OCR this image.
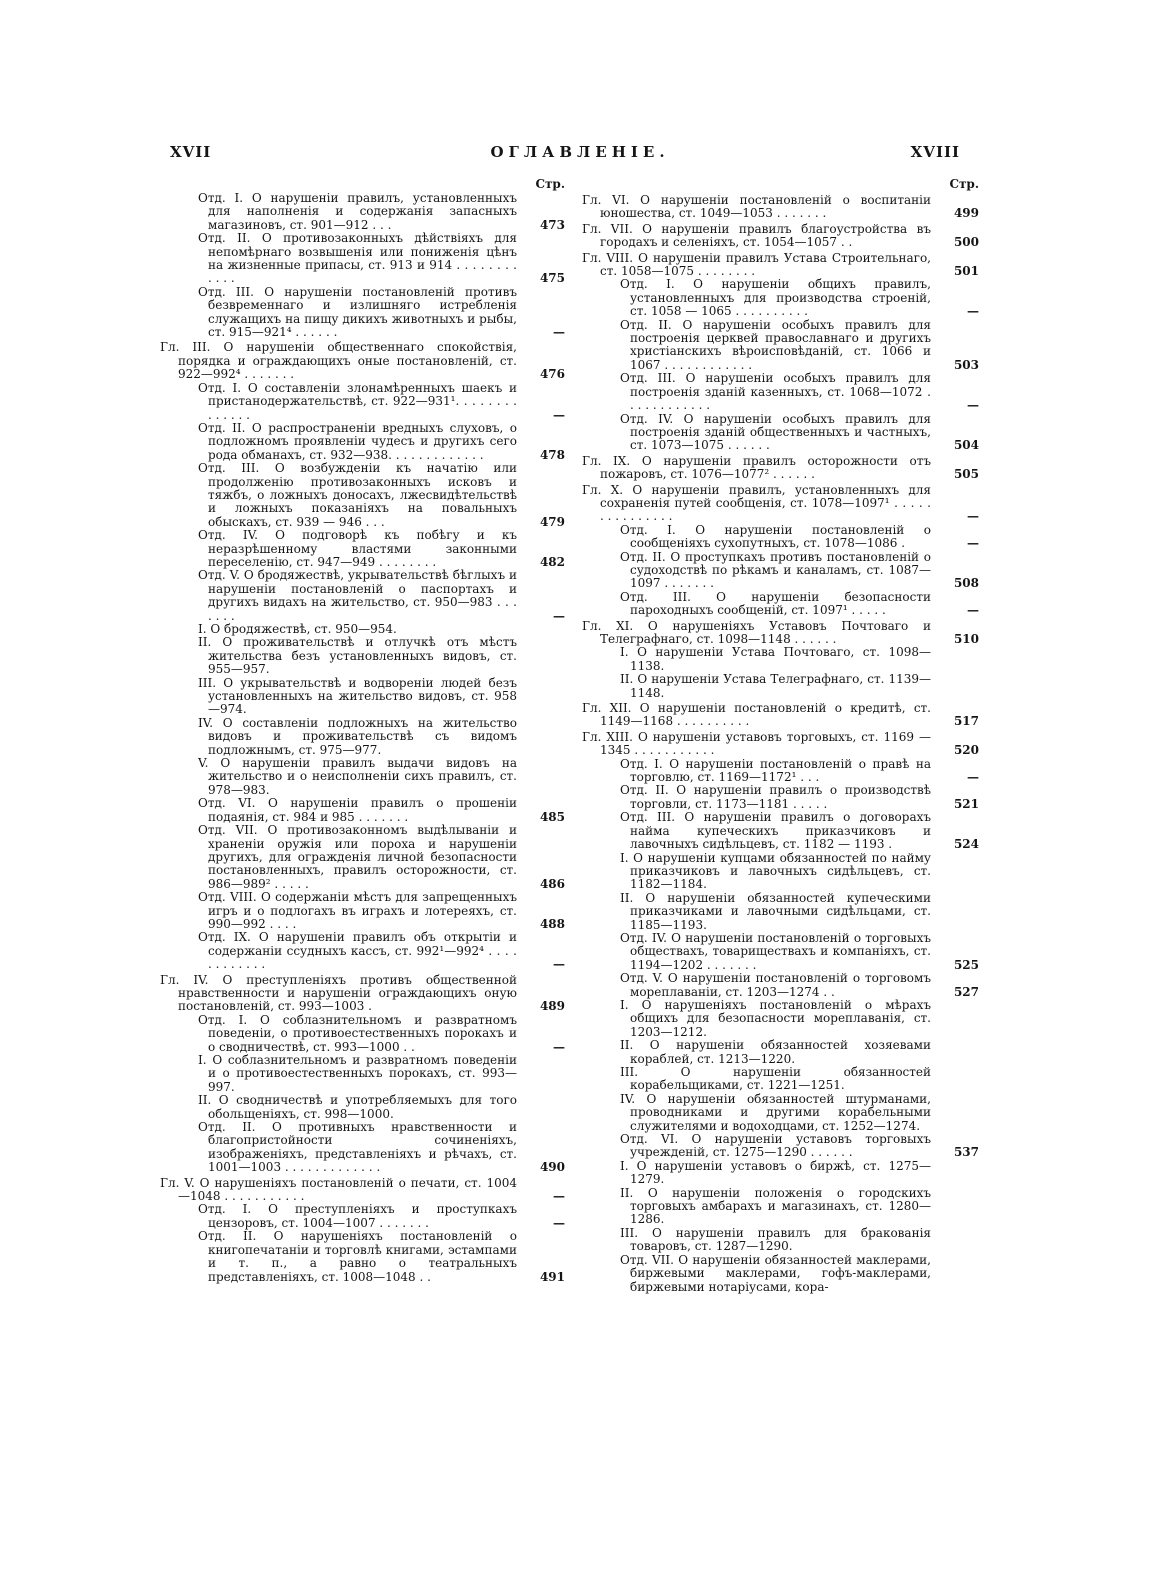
XVII	ОГЛАВЛЕНІЕ.	XVIII
Стр.
Отд. I. О нарушеніи правилъ, установленныхъ для наполненія и содержанія запасныхъ магазиновъ, ст. 901—912 . . .	473
Отд. II. О противозаконныхъ дѣйствіяхъ для непомѣрнаго возвышенія или пониженія цѣнъ на жизненные припасы, ст. 913 и 914 . . . . . . . . . . . .	475
Отд. III. О нарушеніи постановленій противъ безвременнаго и излишняго истребленія служащихъ на пищу дикихъ животныхъ и рыбы, ст. 915—921⁴ . . . . . .	—
Гл. III. О нарушеніи общественнаго спокойствія, порядка и ограждающихъ оные постановленій, ст. 922—992⁴ . . . . . . .	476
Отд. I. О составленіи злонамѣренныхъ шаекъ и пристанодержательствѣ, ст. 922—931¹. . . . . . . . . . . . . .	—
Отд. II. О распространеніи вредныхъ слуховъ, о подложномъ проявленіи чудесъ и другихъ сего рода обманахъ, ст. 932—938. . . . . . . . . . . . .	478
Отд. III. О возбужденіи къ начатію или продолженію противозаконныхъ исковъ и тяжбъ, о ложныхъ доносахъ, лжесвидѣтельствѣ и ложныхъ показаніяхъ на повальныхъ обыскахъ, ст. 939 — 946 . . .	479
Отд. IV. О подговорѣ къ побѣгу и къ неразрѣшенному властями законными переселенію, ст. 947—949 . . . . . . . .	482
Отд. V. О бродяжествѣ, укрывательствѣ бѣглыхъ и нарушеніи постановленій о паспортахъ и другихъ видахъ на жительство, ст. 950—983 . . . . . . .	—
I. О бродяжествѣ, ст. 950—954.
II. О проживательствѣ и отлучкѣ отъ мѣстъ жительства безъ установленныхъ видовъ, ст. 955—957.
III. О укрывательствѣ и водвореніи людей безъ установленныхъ на жительство видовъ, ст. 958—974.
IV. О составленіи подложныхъ на жительство видовъ и проживательствѣ съ видомъ подложнымъ, ст. 975—977.
V. О нарушеніи правилъ выдачи видовъ на жительство и о неисполненіи сихъ правилъ, ст. 978—983.
Отд. VI. О нарушеніи правилъ о прошеніи подаянія, ст. 984 и 985 . . . . . . .	485
Отд. VII. О противозаконномъ выдѣлываніи и храненіи оружія или пороха и нарушеніи другихъ, для огражденія личной безопасности постановленныхъ, правилъ осторожности, ст. 986—989² . . . . .	486
Отд. VIII. О содержаніи мѣстъ для запрещенныхъ игръ и о подлогахъ въ играхъ и лотереяхъ, ст. 990—992 . . . .	488
Отд. IX. О нарушеніи правилъ объ открытіи и содержаніи ссудныхъ кассъ, ст. 992¹—992⁴ . . . . . . . . . . . .	—
Гл. IV. О преступленіяхъ противъ общественной нравственности и нарушеніи ограждающихъ оную постановленій, ст. 993—1003 .	489
Отд. I. О соблазнительномъ и развратномъ поведеніи, о противоестественныхъ порокахъ и о сводничествѣ, ст. 993—1000 . .	—
I. О соблазнительномъ и развратномъ поведеніи и о противоестественныхъ порокахъ, ст. 993—997.
II. О сводничествѣ и употребляемыхъ для того обольщеніяхъ, ст. 998—1000.
Отд. II. О противныхъ нравственности и благопристойности сочиненіяхъ, изображеніяхъ, представленіяхъ и рѣчахъ, ст. 1001—1003 . . . . . . . . . . . . .	490
Гл. V. О нарушеніяхъ постановленій о печати, ст. 1004—1048 . . . . . . . . . . .	—
Отд. I. О преступленіяхъ и проступкахъ цензоровъ, ст. 1004—1007 . . . . . . .	—
Отд. II. О нарушеніяхъ постановленій о книгопечатаніи и торговлѣ книгами, эстампами и т. п., а равно о театральныхъ представленіяхъ, ст. 1008—1048 . .	491
Стр.
Гл. VI. О нарушеніи постановленій о воспитаніи юношества, ст. 1049—1053 . . . . . . .	499
Гл. VII. О нарушеніи правилъ благоустройства въ городахъ и селеніяхъ, ст. 1054—1057 . .	500
Гл. VIII. О нарушеніи правилъ Устава Строительнаго, ст. 1058—1075 . . . . . . . .	501
Отд. I. О нарушеніи общихъ правилъ, установленныхъ для производства строеній, ст. 1058 — 1065 . . . . . . . . . .	—
Отд. II. О нарушеніи особыхъ правилъ для построенія церквей православнаго и другихъ христіанскихъ вѣроисповѣданій, ст. 1066 и 1067 . . . . . . . . . . . .	503
Отд. III. О нарушеніи особыхъ правилъ для построенія зданій казенныхъ, ст. 1068—1072 . . . . . . . . . . . .	—
Отд. IV. О нарушеніи особыхъ правилъ для построенія зданій общественныхъ и частныхъ, ст. 1073—1075 . . . . . .	504
Гл. IX. О нарушеніи правилъ осторожности отъ пожаровъ, ст. 1076—1077² . . . . . .	505
Гл. X. О нарушеніи правилъ, установленныхъ для сохраненія путей сообщенія, ст. 1078—1097¹ . . . . . . . . . . . . . . .	—
Отд. I. О нарушеніи постановленій о сообщеніяхъ сухопутныхъ, ст. 1078—1086 .	—
Отд. II. О проступкахъ противъ постановленій о судоходствѣ по рѣкамъ и каналамъ, ст. 1087—1097 . . . . . . .	508
Отд. III. О нарушеніи безопасности пароходныхъ сообщеній, ст. 1097¹ . . . . .	—
Гл. XI. О нарушеніяхъ Уставовъ Почтоваго и Телеграфнаго, ст. 1098—1148 . . . . . .	510
I. О нарушеніи Устава Почтоваго, ст. 1098—1138.
II. О нарушеніи Устава Телеграфнаго, ст. 1139—1148.
Гл. XII. О нарушеніи постановленій о кредитѣ, ст. 1149—1168 . . . . . . . . . .	517
Гл. XIII. О нарушеніи уставовъ торговыхъ, ст. 1169 — 1345 . . . . . . . . . . .	520
Отд. I. О нарушеніи постановленій о правѣ на торговлю, ст. 1169—1172¹ . . .	—
Отд. II. О нарушеніи правилъ о производствѣ торговли, ст. 1173—1181 . . . . .	521
Отд. III. О нарушеніи правилъ о договорахъ найма купеческихъ приказчиковъ и лавочныхъ сидѣльцевъ, ст. 1182 — 1193 .	524
I. О нарушеніи купцами обязанностей по найму приказчиковъ и лавочныхъ сидѣльцевъ, ст. 1182—1184.
II. О нарушеніи обязанностей купеческими приказчиками и лавочными сидѣльцами, ст. 1185—1193.
Отд. IV. О нарушеніи постановленій о торговыхъ обществахъ, товариществахъ и компаніяхъ, ст. 1194—1202 . . . . . . .	525
Отд. V. О нарушеніи постановленій о торговомъ мореплаваніи, ст. 1203—1274 . .	527
I. О нарушеніяхъ постановленій о мѣрахъ общихъ для безопасности мореплаванія, ст. 1203—1212.
II. О нарушеніи обязанностей хозяевами кораблей, ст. 1213—1220.
III. О нарушеніи обязанностей корабельщиками, ст. 1221—1251.
IV. О нарушеніи обязанностей штурманами, проводниками и другими корабельными служителями и водоходцами, ст. 1252—1274.
Отд. VI. О нарушеніи уставовъ торговыхъ учрежденій, ст. 1275—1290 . . . . . .	537
I. О нарушеніи уставовъ о биржѣ, ст. 1275—1279.
II. О нарушеніи положенія о городскихъ торговыхъ амбарахъ и магазинахъ, ст. 1280—1286.
III. О нарушеніи правилъ для бракованія товаровъ, ст. 1287—1290.
Отд. VII. О нарушеніи обязанностей маклерами, биржевыми маклерами, гофъ-маклерами, биржевыми нотаріусами, кора-
